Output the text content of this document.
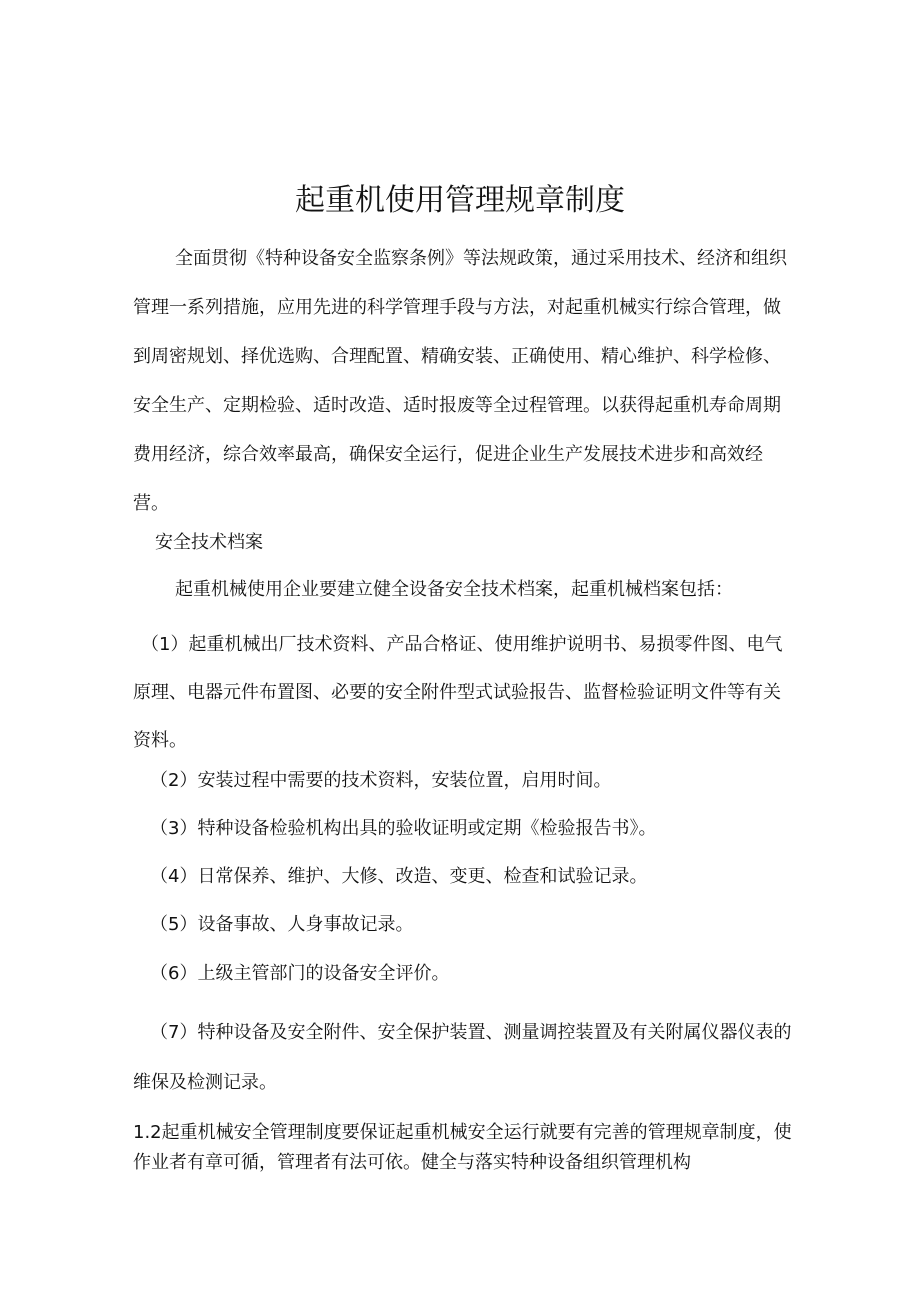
起重机使用管理规章制度

全面贯彻《特种设备安全监察条例》等法规政策，通过采用技术、经济和组织管理一系列措施，应用先进的科学管理手段与方法，对起重机械实行综合管理，做到周密规划、择优选购、合理配置、精确安装、正确使用、精心维护、科学检修、安全生产、定期检验、适时改造、适时报废等全过程管理。以获得起重机寿命周期费用经济，综合效率最高，确保安全运行，促进企业生产发展技术进步和高效经营。

安全技术档案

起重机械使用企业要建立健全设备安全技术档案，起重机械档案包括：

（1）起重机械出厂技术资料、产品合格证、使用维护说明书、易损零件图、电气原理、电器元件布置图、必要的安全附件型式试验报告、监督检验证明文件等有关资料。

（2）安装过程中需要的技术资料，安装位置，启用时间。

（3）特种设备检验机构出具的验收证明或定期《检验报告书》。

（4）日常保养、维护、大修、改造、变更、检查和试验记录。

（5）设备事故、人身事故记录。

（6）上级主管部门的设备安全评价。

（7）特种设备及安全附件、安全保护装置、测量调控装置及有关附属仪器仪表的维保及检测记录。

1.2起重机械安全管理制度要保证起重机械安全运行就要有完善的管理规章制度，使作业者有章可循，管理者有法可依。健全与落实特种设备组织管理机构
